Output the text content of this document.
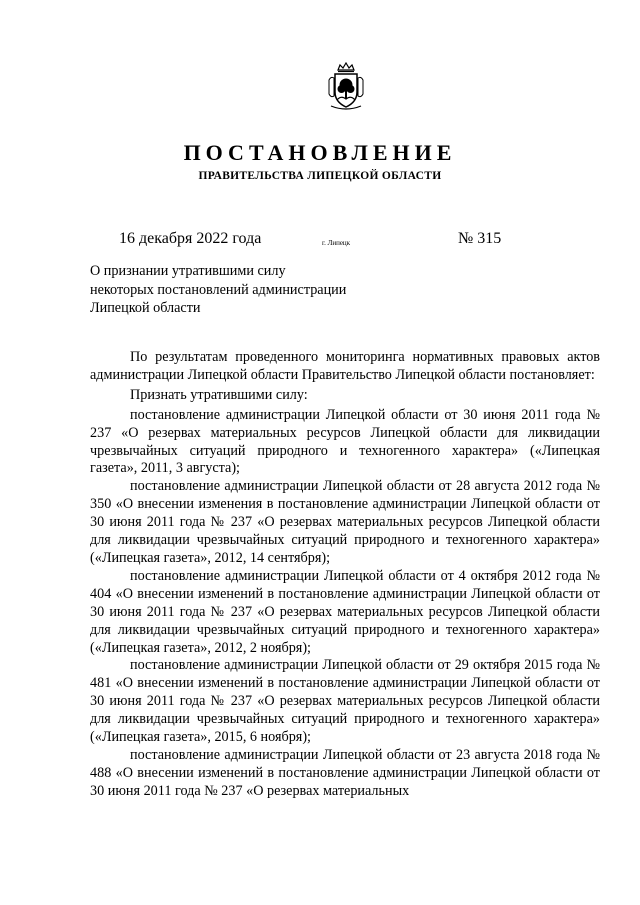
ПОСТАНОВЛЕНИЕ
ПРАВИТЕЛЬСТВА ЛИПЕЦКОЙ ОБЛАСТИ
16 декабря 2022 года	г. Липецк	№ 315
О признании утратившими силу
некоторых постановлений администрации
Липецкой области

По результатам проведенного мониторинга нормативных правовых актов администрации Липецкой области Правительство Липецкой области постановляет:

Признать утратившими силу:

постановление администрации Липецкой области от 30 июня 2011 года № 237 «О резервах материальных ресурсов Липецкой области для ликвидации чрезвычайных ситуаций природного и техногенного характера» («Липецкая газета», 2011, 3 августа);

постановление администрации Липецкой области от 28 августа 2012 года № 350 «О внесении изменения в постановление администрации Липецкой области от 30 июня 2011 года № 237 «О резервах материальных ресурсов Липецкой области для ликвидации чрезвычайных ситуаций природного и техногенного характера» («Липецкая газета», 2012, 14 сентября);

постановление администрации Липецкой области от 4 октября 2012 года № 404 «О внесении изменений в постановление администрации Липецкой области от 30 июня 2011 года № 237 «О резервах материальных ресурсов Липецкой области для ликвидации чрезвычайных ситуаций природного и техногенного характера» («Липецкая газета», 2012, 2 ноября);

постановление администрации Липецкой области от 29 октября 2015 года № 481 «О внесении изменений в постановление администрации Липецкой области от 30 июня 2011 года № 237 «О резервах материальных ресурсов Липецкой области для ликвидации чрезвычайных ситуаций природного и техногенного характера» («Липецкая газета», 2015, 6 ноября);

постановление администрации Липецкой области от 23 августа 2018 года № 488 «О внесении изменений в постановление администрации Липецкой области от 30 июня 2011 года № 237 «О резервах материальных
